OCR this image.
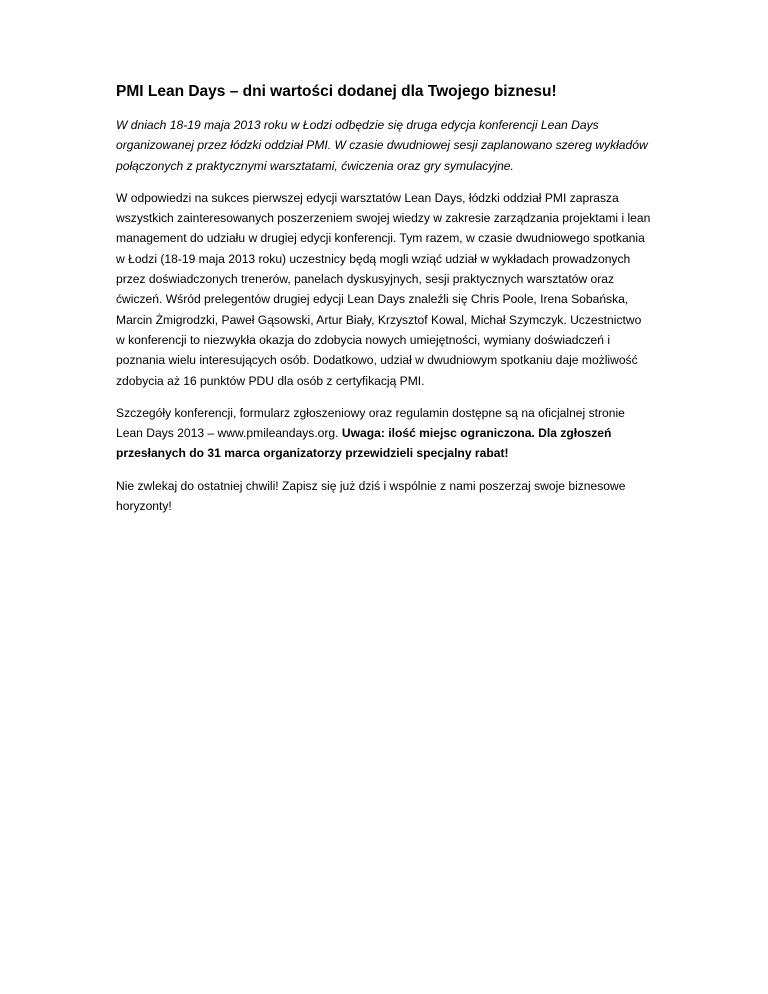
PMI Lean Days – dni wartości dodanej dla Twojego biznesu!
W dniach 18-19 maja 2013 roku w Łodzi odbędzie się druga edycja konferencji Lean Days organizowanej przez łódzki oddział PMI. W czasie dwudniowej sesji zaplanowano szereg wykładów połączonych z praktycznymi warsztatami, ćwiczenia oraz gry symulacyjne.
W odpowiedzi na sukces pierwszej edycji warsztatów Lean Days, łódzki oddział PMI zaprasza wszystkich zainteresowanych poszerzeniem swojej wiedzy w zakresie zarządzania projektami i lean management do udziału w drugiej edycji konferencji. Tym razem, w czasie dwudniowego spotkania w Łodzi (18-19 maja 2013 roku) uczestnicy będą mogli wziąć udział w wykładach prowadzonych przez doświadczonych trenerów, panelach dyskusyjnych, sesji praktycznych warsztatów oraz ćwiczeń. Wśród prelegentów drugiej edycji Lean Days znaleźli się Chris Poole, Irena Sobańska, Marcin Żmigrodzki, Paweł Gąsowski, Artur Biały, Krzysztof Kowal, Michał Szymczyk. Uczestnictwo w konferencji to niezwykła okazja do zdobycia nowych umiejętności, wymiany doświadczeń i poznania wielu interesujących osób. Dodatkowo, udział w dwudniowym spotkaniu daje możliwość zdobycia aż 16 punktów PDU dla osób z certyfikacją PMI.
Szczegóły konferencji, formularz zgłoszeniowy oraz regulamin dostępne są na oficjalnej stronie Lean Days 2013 – www.pmileandays.org. Uwaga: ilość miejsc ograniczona. Dla zgłoszeń przesłanych do 31 marca organizatorzy przewidzieli specjalny rabat!
Nie zwlekaj do ostatniej chwili! Zapisz się już dziś i wspólnie z nami poszerzaj swoje biznesowe horyzonty!
